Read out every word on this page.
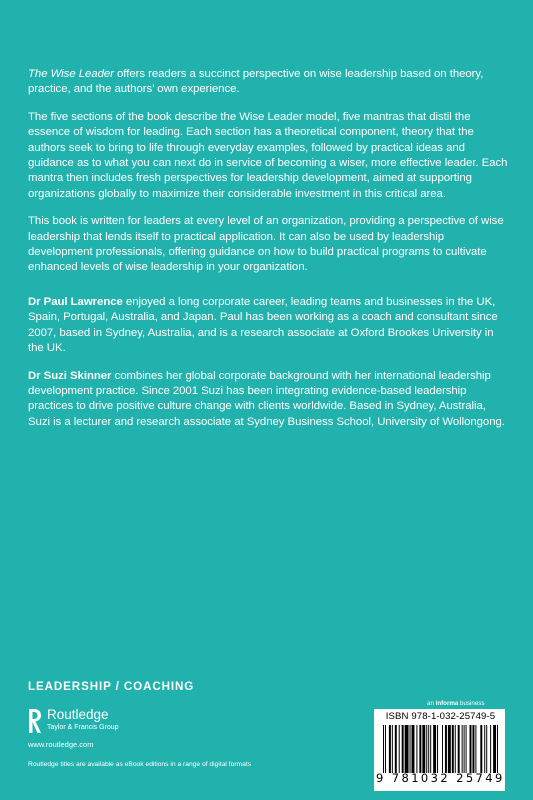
The Wise Leader offers readers a succinct perspective on wise leadership based on theory, practice, and the authors’ own experience.

The five sections of the book describe the Wise Leader model, five mantras that distil the essence of wisdom for leading. Each section has a theoretical component, theory that the authors seek to bring to life through everyday examples, followed by practical ideas and guidance as to what you can next do in service of becoming a wiser, more effective leader. Each mantra then includes fresh perspectives for leadership development, aimed at supporting organizations globally to maximize their considerable investment in this critical area.

This book is written for leaders at every level of an organization, providing a perspective of wise leadership that lends itself to practical application. It can also be used by leadership development professionals, offering guidance on how to build practical programs to cultivate enhanced levels of wise leadership in your organization.

Dr Paul Lawrence enjoyed a long corporate career, leading teams and businesses in the UK, Spain, Portugal, Australia, and Japan. Paul has been working as a coach and consultant since 2007, based in Sydney, Australia, and is a research associate at Oxford Brookes University in the UK.

Dr Suzi Skinner combines her global corporate background with her international leadership development practice. Since 2001 Suzi has been integrating evidence-based leadership practices to drive positive culture change with clients worldwide. Based in Sydney, Australia, Suzi is a lecturer and research associate at Sydney Business School, University of Wollongong.

LEADERSHIP / COACHING
Routledge
Taylor & Francis Group
www.routledge.com
Routledge titles are available as eBook editions in a range of digital formats
an informa business
ISBN 978-1-032-25749-5
9 781032 25749
